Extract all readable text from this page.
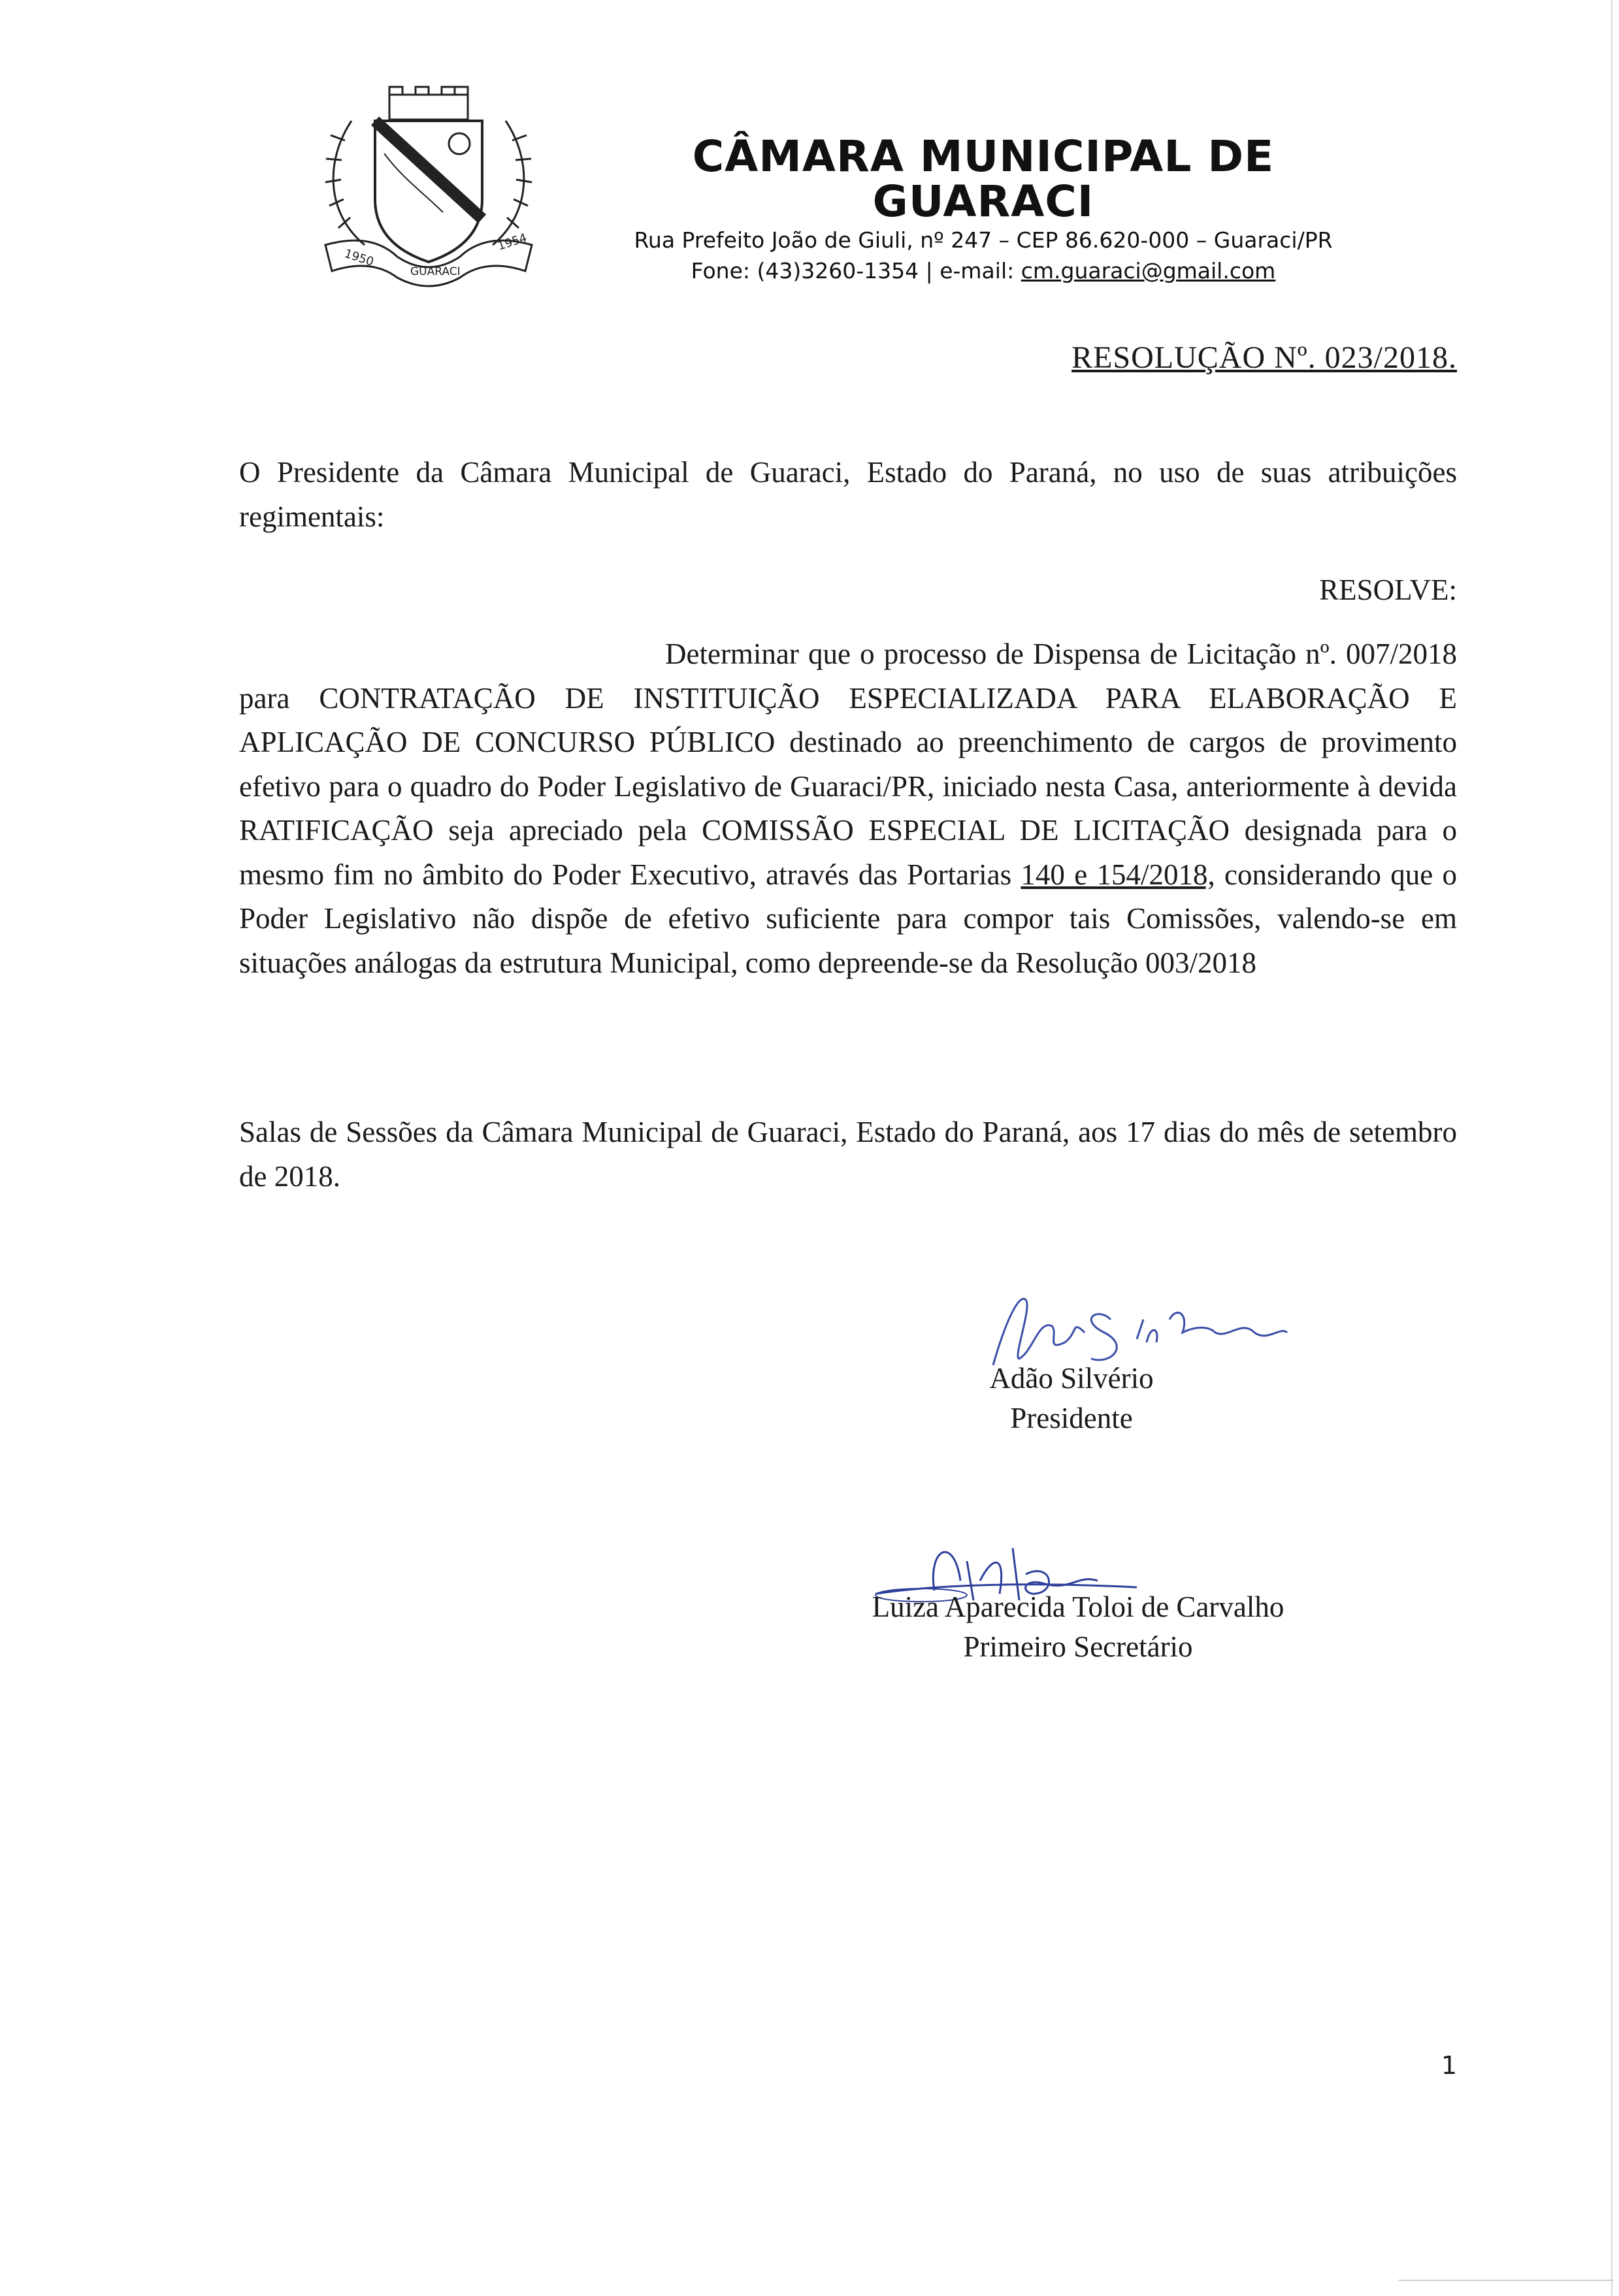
1950
1954
GUARACI

CÂMARA MUNICIPAL DE GUARACI

Rua Prefeito João de Giuli, nº 247 – CEP 86.620-000 – Guaraci/PR

Fone: (43)3260-1354 | e-mail: cm.guaraci@gmail.com

RESOLUÇÃO Nº. 023/2018.

O Presidente da Câmara Municipal de Guaraci, Estado do Paraná, no uso de suas atribuições regimentais:

RESOLVE:

Determinar que o processo de Dispensa de Licitação nº. 007/2018 para CONTRATAÇÃO DE INSTITUIÇÃO ESPECIALIZADA PARA ELABORAÇÃO E APLICAÇÃO DE CONCURSO PÚBLICO destinado ao preenchimento de cargos de provimento efetivo para o quadro do Poder Legislativo de Guaraci/PR, iniciado nesta Casa, anteriormente à devida RATIFICAÇÃO seja apreciado pela COMISSÃO ESPECIAL DE LICITAÇÃO designada para o mesmo fim no âmbito do Poder Executivo, através das Portarias 140 e 154/2018, considerando que o Poder Legislativo não dispõe de efetivo suficiente para compor tais Comissões, valendo-se em situações análogas da estrutura Municipal, como depreende-se da Resolução 003/2018

Salas de Sessões da Câmara Municipal de Guaraci, Estado do Paraná, aos 17 dias do mês de setembro de 2018.

Adão Silvério
Presidente
Luiza Aparecida Toloi de Carvalho
Primeiro Secretário
1
